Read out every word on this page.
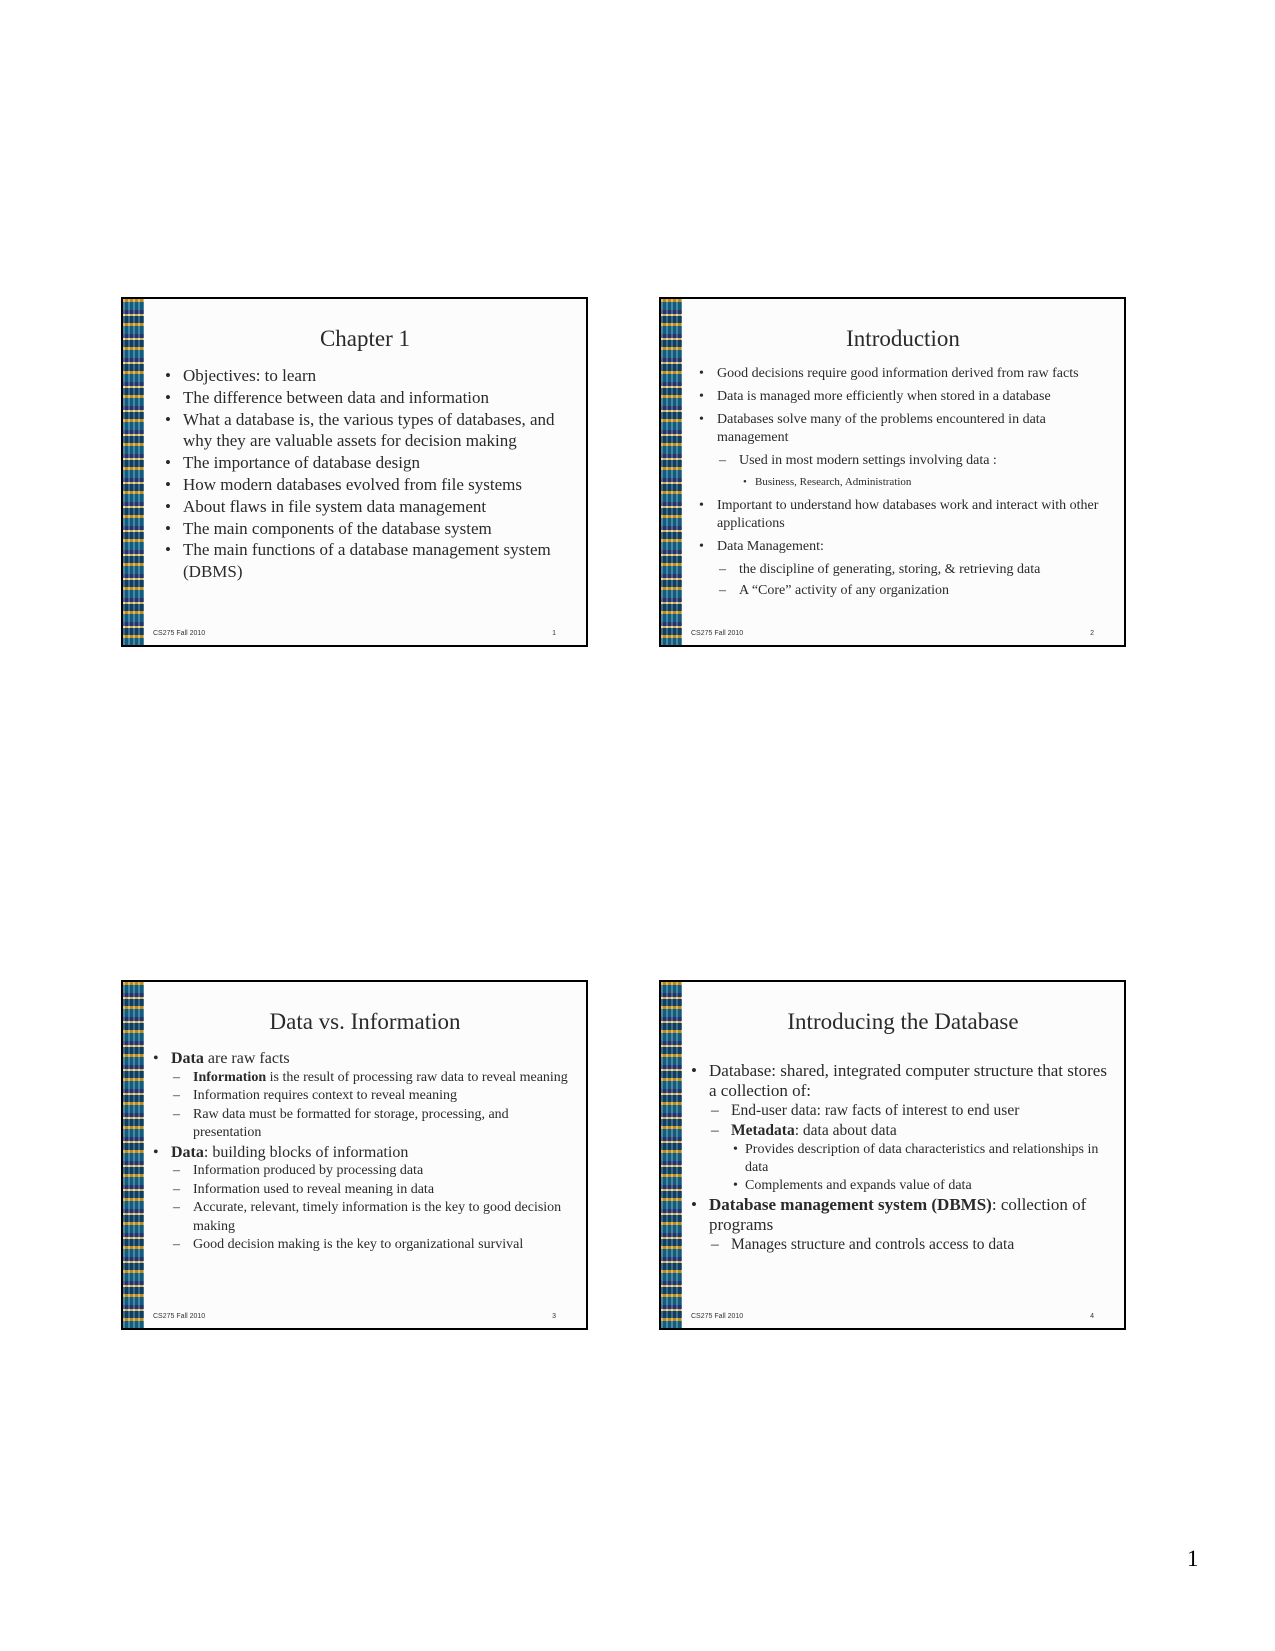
Chapter 1
• Objectives: to learn
• The difference between data and information
• What a database is, the various types of databases, and why they are valuable assets for decision making
• The importance of database design
• How modern databases evolved from file systems
• About flaws in file system data management
• The main components of the database system
• The main functions of a database management system (DBMS)
CS275 Fall 2010	1
Introduction
• Good decisions require good information derived from raw facts
• Data is managed more efficiently when stored in a database
• Databases solve many of the problems encountered in data management
– Used in most modern settings involving data :
• Business, Research, Administration
• Important to understand how databases work and interact with other applications
• Data Management:
– the discipline of generating, storing, & retrieving data
– A “Core” activity of any organization
CS275 Fall 2010	2
Data vs. Information
• Data are raw facts
– Information is the result of processing raw data to reveal meaning
– Information requires context to reveal meaning
– Raw data must be formatted for storage, processing, and presentation
• Data: building blocks of information
– Information produced by processing data
– Information used to reveal meaning in data
– Accurate, relevant, timely information is the key to good decision making
– Good decision making is the key to organizational survival
CS275 Fall 2010	3
Introducing the Database
• Database: shared, integrated computer structure that stores a collection of:
– End-user data: raw facts of interest to end user
– Metadata: data about data
• Provides description of data characteristics and relationships in data
• Complements and expands value of data
• Database management system (DBMS): collection of programs
– Manages structure and controls access to data
CS275 Fall 2010	4
1
